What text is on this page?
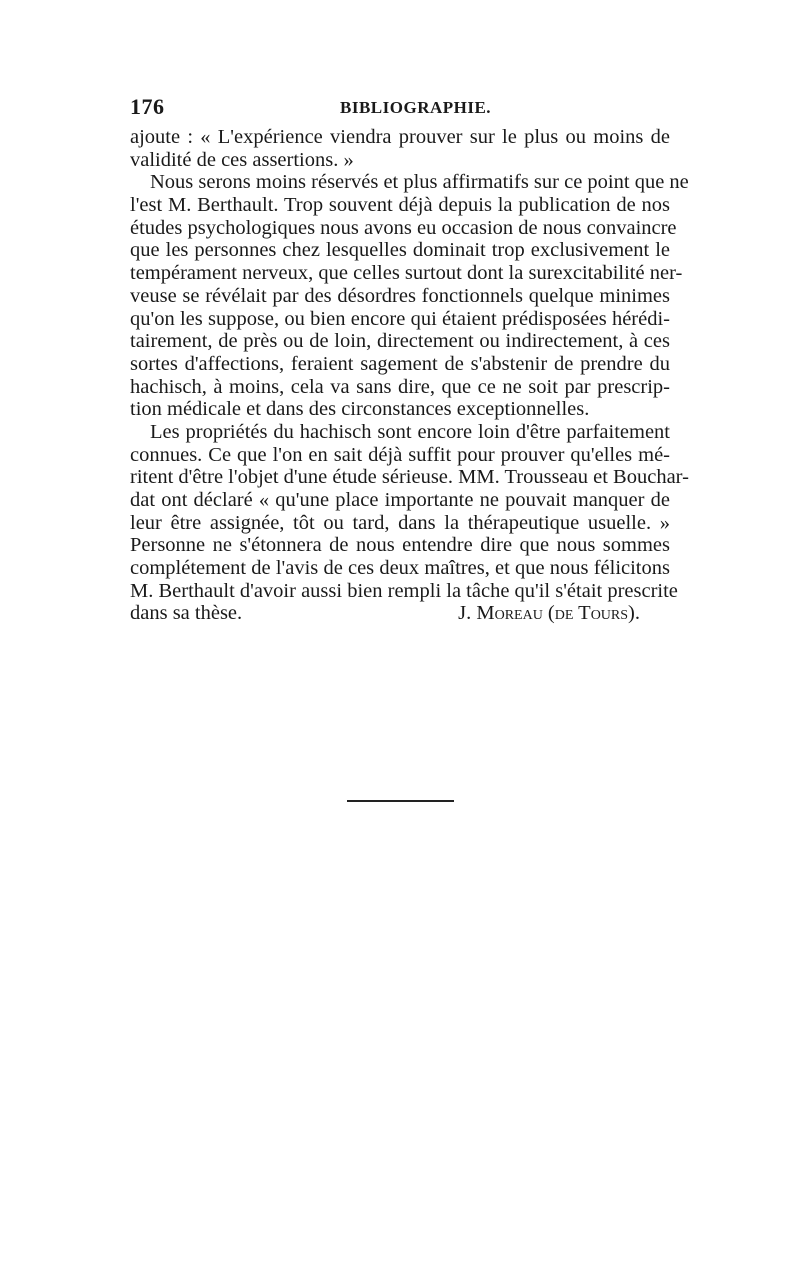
176	BIBLIOGRAPHIE.
ajoute : « L'expérience viendra prouver sur le plus ou moins de
validité de ces assertions. »
Nous serons moins réservés et plus affirmatifs sur ce point que ne
l'est M. Berthault. Trop souvent déjà depuis la publication de nos
études psychologiques nous avons eu occasion de nous convaincre
que les personnes chez lesquelles dominait trop exclusivement le
tempérament nerveux, que celles surtout dont la surexcitabilité ner-
veuse se révélait par des désordres fonctionnels quelque minimes
qu'on les suppose, ou bien encore qui étaient prédisposées hérédi-
tairement, de près ou de loin, directement ou indirectement, à ces
sortes d'affections, feraient sagement de s'abstenir de prendre du
hachisch, à moins, cela va sans dire, que ce ne soit par prescrip-
tion médicale et dans des circonstances exceptionnelles.
Les propriétés du hachisch sont encore loin d'être parfaitement
connues. Ce que l'on en sait déjà suffit pour prouver qu'elles mé-
ritent d'être l'objet d'une étude sérieuse. MM. Trousseau et Bouchar-
dat ont déclaré « qu'une place importante ne pouvait manquer de
leur être assignée, tôt ou tard, dans la thérapeutique usuelle. »
Personne ne s'étonnera de nous entendre dire que nous sommes
complétement de l'avis de ces deux maîtres, et que nous félicitons
M. Berthault d'avoir aussi bien rempli la tâche qu'il s'était prescrite
dans sa thèse.	J. Moreau (de Tours).
